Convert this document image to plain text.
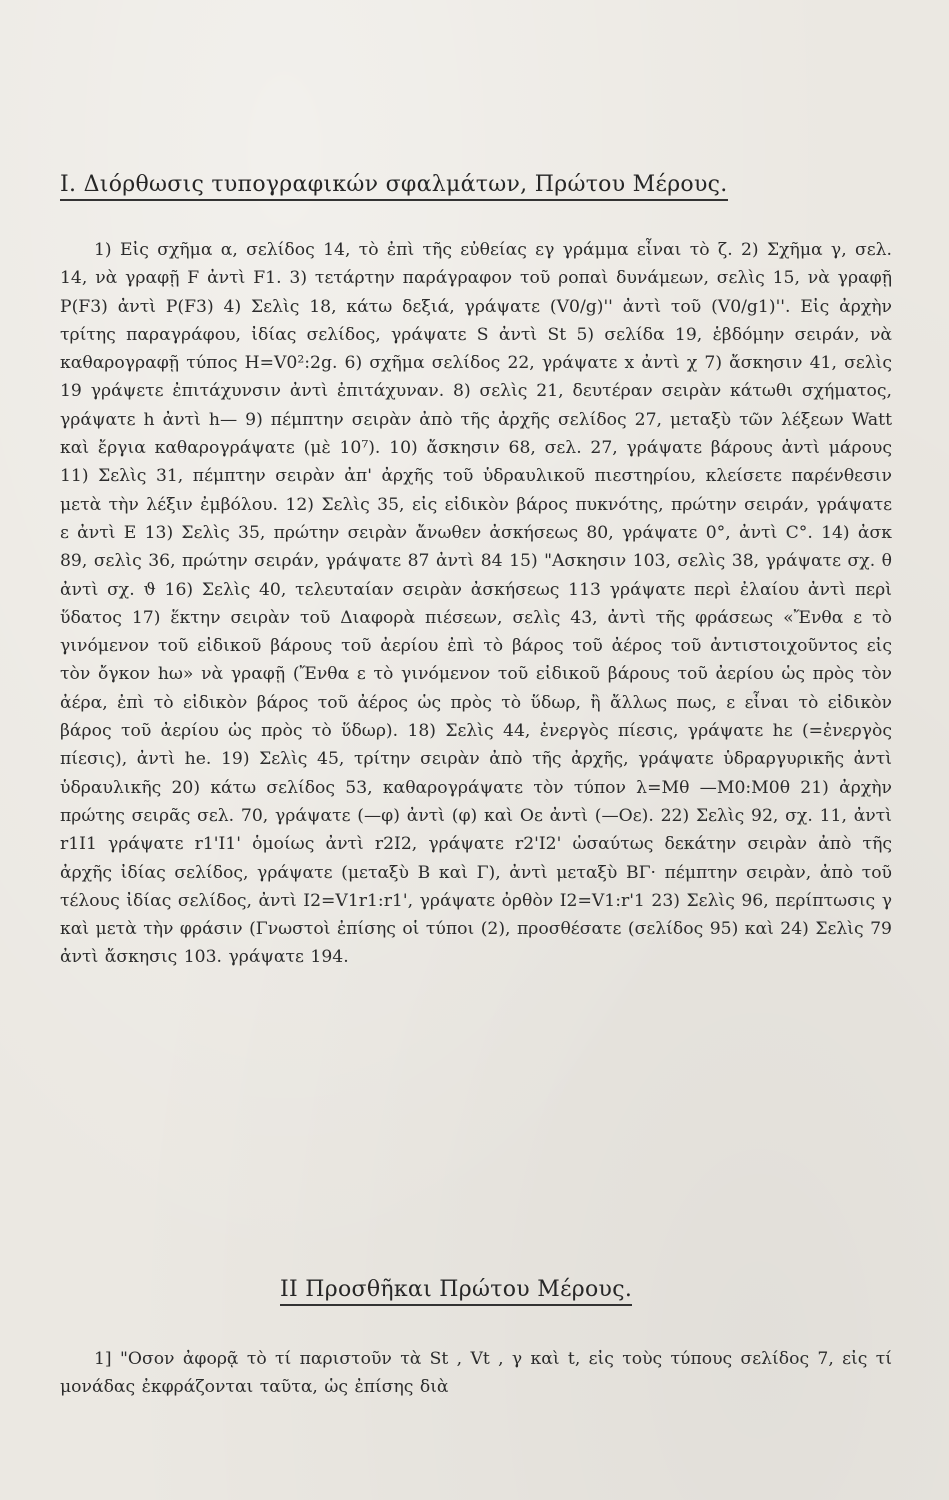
Ι. Διόρθωσις τυπογραφικών σφαλμάτων, Πρώτου Μέρους.
1) Εἰς σχῆμα α, σελίδος 14, τὸ ἐπὶ τῆς εὐθείας εγ γράμμα εἶναι τὸ ζ. 2) Σχῆμα γ, σελ. 14, νὰ γραφῇ F ἀντὶ F1. 3) τετάρτην παράγραφον τοῦ ροπαὶ δυνάμεων, σελὶς 15, νὰ γραφῇ P(F3) ἀντὶ P(F3) 4) Σελὶς 18, κάτω δεξιά, γράψατε (V0/g)'' ἀντὶ τοῦ (V0/g1)''. Εἰς ἀρχὴν τρίτης παραγράφου, ἰδίας σελίδος, γράψατε S ἀντὶ St 5) σελίδα 19, ἑβδόμην σειράν, νὰ καθαρογραφῇ τύπος H=V0²:2g. 6) σχῆμα σελίδος 22, γράψατε x ἀντὶ χ 7) ἄσκησιν 41, σελὶς 19 γράψετε ἐπιτάχυνσιν ἀντὶ ἐπιτάχυναν. 8) σελὶς 21, δευτέραν σειρὰν κάτωθι σχήματος, γράψατε h ἀντὶ h— 9) πέμπτην σειρὰν ἀπὸ τῆς ἀρχῆς σελίδος 27, μεταξὺ τῶν λέξεων Watt καὶ ἔργια καθαρογράψατε (μὲ 10⁷). 10) ἄσκησιν 68, σελ. 27, γράψατε βάρους ἀντὶ μάρους 11) Σελὶς 31, πέμπτην σειρὰν ἀπ' ἀρχῆς τοῦ ὑδραυλικοῦ πιεστηρίου, κλείσετε παρένθεσιν μετὰ τὴν λέξιν ἐμβόλου. 12) Σελὶς 35, εἰς εἰδικὸν βάρος πυκνότης, πρώτην σειράν, γράψατε ε ἀντὶ Ε 13) Σελὶς 35, πρώτην σειρὰν ἄνωθεν ἀσκήσεως 80, γράψατε 0°, ἀντὶ C°. 14) ἀσκ 89, σελὶς 36, πρώτην σειράν, γράψατε 87 ἀντὶ 84 15) "Ασκησιν 103, σελὶς 38, γράψατε σχ. θ ἀντὶ σχ. ϑ 16) Σελὶς 40, τελευταίαν σειρὰν ἀσκήσεως 113 γράψατε περὶ ἐλαίου ἀντὶ περὶ ὕδατος 17) ἕκτην σειρὰν τοῦ Διαφορὰ πιέσεων, σελὶς 43, ἀντὶ τῆς φράσεως «Ἔνθα ε τὸ γινόμενον τοῦ εἰδικοῦ βάρους τοῦ ἀερίου ἐπὶ τὸ βάρος τοῦ ἀέρος τοῦ ἀντιστοιχοῦντος εἰς τὸν ὄγκον hω» νὰ γραφῇ (Ἔνθα ε τὸ γινόμενον τοῦ εἰδικοῦ βάρους τοῦ ἀερίου ὡς πρὸς τὸν ἀέρα, ἐπὶ τὸ εἰδικὸν βάρος τοῦ ἀέρος ὡς πρὸς τὸ ὕδωρ, ἢ ἄλλως πως, ε εἶναι τὸ εἰδικὸν βάρος τοῦ ἀερίου ὡς πρὸς τὸ ὕδωρ). 18) Σελὶς 44, ἐνεργὸς πίεσις, γράψατε hε (=ἐνεργὸς πίεσις), ἀντὶ he. 19) Σελὶς 45, τρίτην σειρὰν ἀπὸ τῆς ἀρχῆς, γράψατε ὑδραργυρικῆς ἀντὶ ὑδραυλικῆς 20) κάτω σελίδος 53, καθαρογράψατε τὸν τύπον λ=Mθ —M0:M0θ 21) ἀρχὴν πρώτης σειρᾶς σελ. 70, γράψατε (—φ) ἀντὶ (φ) καὶ Οε ἀντὶ (—Οε). 22) Σελὶς 92, σχ. 11, ἀντὶ r1I1 γράψατε r1'I1' ὁμοίως ἀντὶ r2I2, γράψατε r2'I2' ὡσαύτως δεκάτην σειρὰν ἀπὸ τῆς ἀρχῆς ἰδίας σελίδος, γράψατε (μεταξὺ Β καὶ Γ), ἀντὶ μεταξὺ ΒΓ· πέμπτην σειρὰν, ἀπὸ τοῦ τέλους ἰδίας σελίδος, ἀντὶ I2=V1r1:r1', γράψατε ὀρθὸν I2=V1:r'1 23) Σελὶς 96, περίπτωσις γ καὶ μετὰ τὴν φράσιν (Γνωστοὶ ἐπίσης οἱ τύποι (2), προσθέσατε (σελίδος 95) καὶ 24) Σελὶς 79 ἀντὶ ἄσκησις 103. γράψατε 194.
ΙΙ Προσθῆκαι Πρώτου Μέρους.
1] "Οσον ἀφορᾷ τὸ τί παριστοῦν τὰ St , Vt , γ καὶ t, εἰς τοὺς τύπους σελίδος 7, εἰς τί μονάδας ἐκφράζονται ταῦτα, ὡς ἐπίσης διὰ
